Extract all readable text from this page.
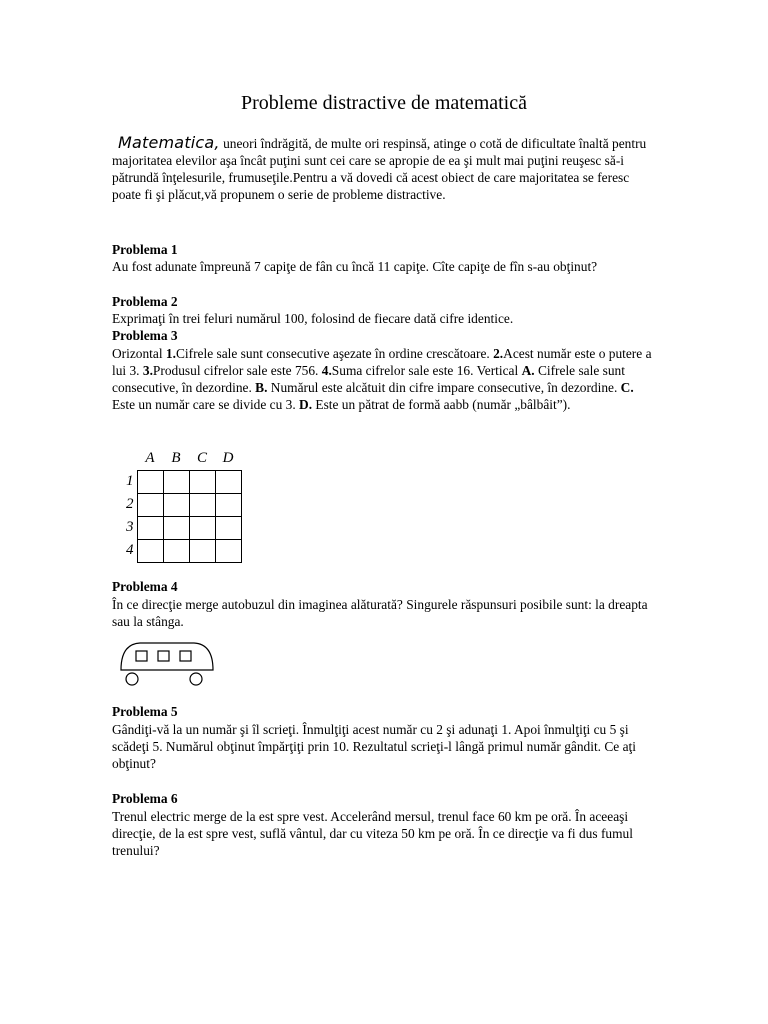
Probleme distractive de matematică

Matematica, uneori îndrăgită, de multe ori respinsă, atinge o cotă de dificultate înaltă pentru majoritatea elevilor aşa încât puţini sunt cei care se apropie de ea şi mult mai puţini reuşesc să-i pătrundă înţelesurile, frumuseţile.Pentru a vă dovedi că acest obiect de care majoritatea se feresc poate fi şi plăcut,vă propunem o serie de probleme distractive.

Problema 1

Au fost adunate împreună 7 capiţe de fân cu încă 11 capiţe. Cîte capiţe de fîn s-au obţinut?

Problema 2

Exprimaţi în trei feluri numărul 100, folosind de fiecare dată cifre identice.

Problema 3

Orizontal 1.Cifrele sale sunt consecutive aşezate în ordine crescătoare. 2.Acest număr este o putere a lui 3. 3.Produsul cifrelor sale este 756. 4.Suma cifrelor sale este 16. Vertical A. Cifrele sale sunt consecutive, în dezordine. B. Numărul este alcătuit din cifre impare consecutive, în dezordine. C. Este un număr care se divide cu 3. D. Este un pătrat de formă aabb (număr „bâlbâit”).

	A	B	C	D
1				
2				
3				
4				

Problema 4

În ce direcţie merge autobuzul din imaginea alăturată? Singurele răspunsuri posibile sunt: la dreapta sau la stânga.

Problema 5

Gândiţi-vă la un număr şi îl scrieţi. Înmulţiţi acest număr cu 2 şi adunaţi 1. Apoi înmulţiţi cu 5 şi scădeţi 5. Numărul obţinut împărţiţi prin 10. Rezultatul scrieţi-l lângă primul număr gândit. Ce aţi obţinut?

Problema 6

Trenul electric merge de la est spre vest. Accelerând mersul, trenul face 60 km pe oră. În aceeaşi direcţie, de la est spre vest, suflă vântul, dar cu viteza 50 km pe oră. În ce direcţie va fi dus fumul trenului?
